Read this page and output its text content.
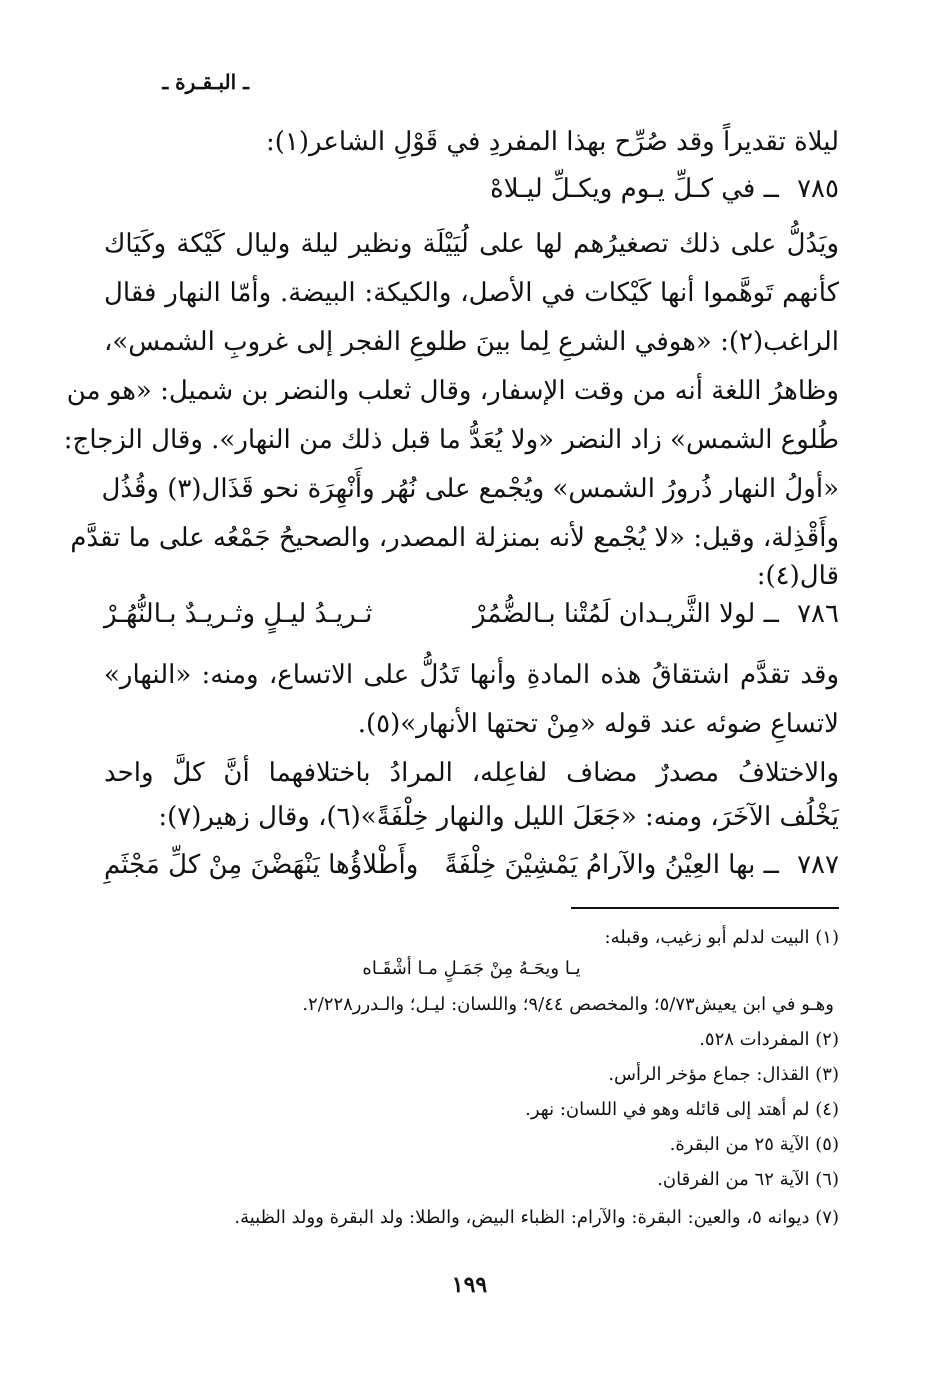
ـ البـقـرة ـ
ليلاة تقديراً وقد صُرِّح بهذا المفردِ في قَوْلِ الشاعر(١):
٧٨٥ ــ في كـلِّ يـوم ويكـلِّ ليـلاهْ
ويَدُلُّ على ذلك تصغيرُهم لها على لُيَيْلَة ونظير ليلة وليال كَيْكة وكَيَاك
كأنهم تَوهَّموا أنها كَيْكات في الأصل، والكيكة: البيضة. وأمّا النهار فقال
الراغب(٢): «هوفي الشرعِ لِما بينَ طلوعِ الفجر إلى غروبِ الشمس»،
وظاهرُ اللغة أنه من وقت الإسفار، وقال ثعلب والنضر بن شميل: «هو من
طُلوع الشمس» زاد النضر «ولا يُعَدُّ ما قبل ذلك من النهار». وقال الزجاج:
«أولُ النهار ذُرورُ الشمس» ويُجْمع على نُهُر وأَنْهِرَة نحو قَذَال(٣) وقُذُل
وأَقْذِلة، وقيل: «لا يُجْمع لأنه بمنزلة المصدر، والصحيحُ جَمْعُه على ما تقدَّم
قال(٤):
٧٨٦ ــ لولا الثَّريـدان لَمُتْنا بـالضُّمُرْ
ثـريـدُ ليـلٍ وثـريـدٌ بـالنُّهُـرْ
وقد تقدَّم اشتقاقُ هذه المادةِ وأنها تَدُلُّ على الاتساع، ومنه: «النهار»
لاتساعِ ضوئه عند قوله «مِنْ تحتها الأنهار»(٥).
والاختلافُ مصدرٌ مضاف لفاعِله، المرادُ باختلافهما أنَّ كلَّ واحد
يَخْلُف الآخَرَ، ومنه: «جَعَلَ الليل والنهار خِلْفَةً»(٦)، وقال زهير(٧):
٧٨٧ ــ بها العِيْنُ والآرامُ يَمْشِيْنَ خِلْفَةً
وأَطْلاؤُها يَنْهَضْنَ مِنْ كلِّ مَجْثَمِ
(١) البيت لدلم أبو زغيب، وقبله:
يـا ويحَـهُ مِنْ جَمَـلٍ مـا أشْقَـاه
وهـو في ابن يعيش٥/٧٣؛ والمخصص ٩/٤٤؛ واللسان: ليـل؛ والـدرر٢/٢٢٨.
(٢) المفردات ٥٢٨.
(٣) القذال: جماع مؤخر الرأس.
(٤) لم أهتد إلى قائله وهو في اللسان: نهر.
(٥) الآية ٢٥ من البقرة.
(٦) الآية ٦٢ من الفرقان.
(٧) ديوانه ٥، والعين: البقرة: والآرام: الظباء البيض، والطلا: ولد البقرة وولد الظبية.
١٩٩
